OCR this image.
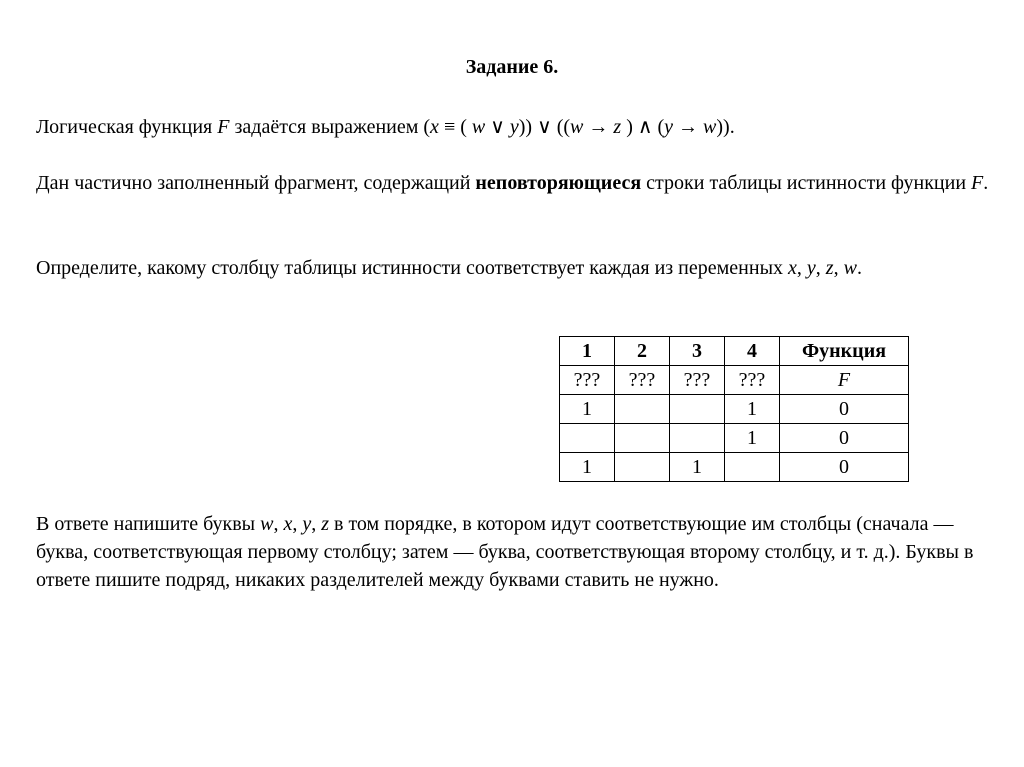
Задание 6.
Логическая функция F задаётся выражением (x ≡ ( w ∨ y)) ∨ ((w → z ) ∧ (y → w)).
Дан частично заполненный фрагмент, содержащий неповторяющиеся строки таблицы истинности функции F.
Определите, какому столбцу таблицы истинности соответствует каждая из переменных x, y, z, w.
1	2	3	4	Функция
???	???	???	???	F
1			1	0
			1	0
1		1		0
В ответе напишите буквы w, x, y, z в том порядке, в котором идут соответствующие им столбцы (сначала — буква, соответствующая первому столбцу; затем — буква, соответствующая второму столбцу, и т. д.). Буквы в ответе пишите подряд, никаких разделителей между буквами ставить не нужно.
